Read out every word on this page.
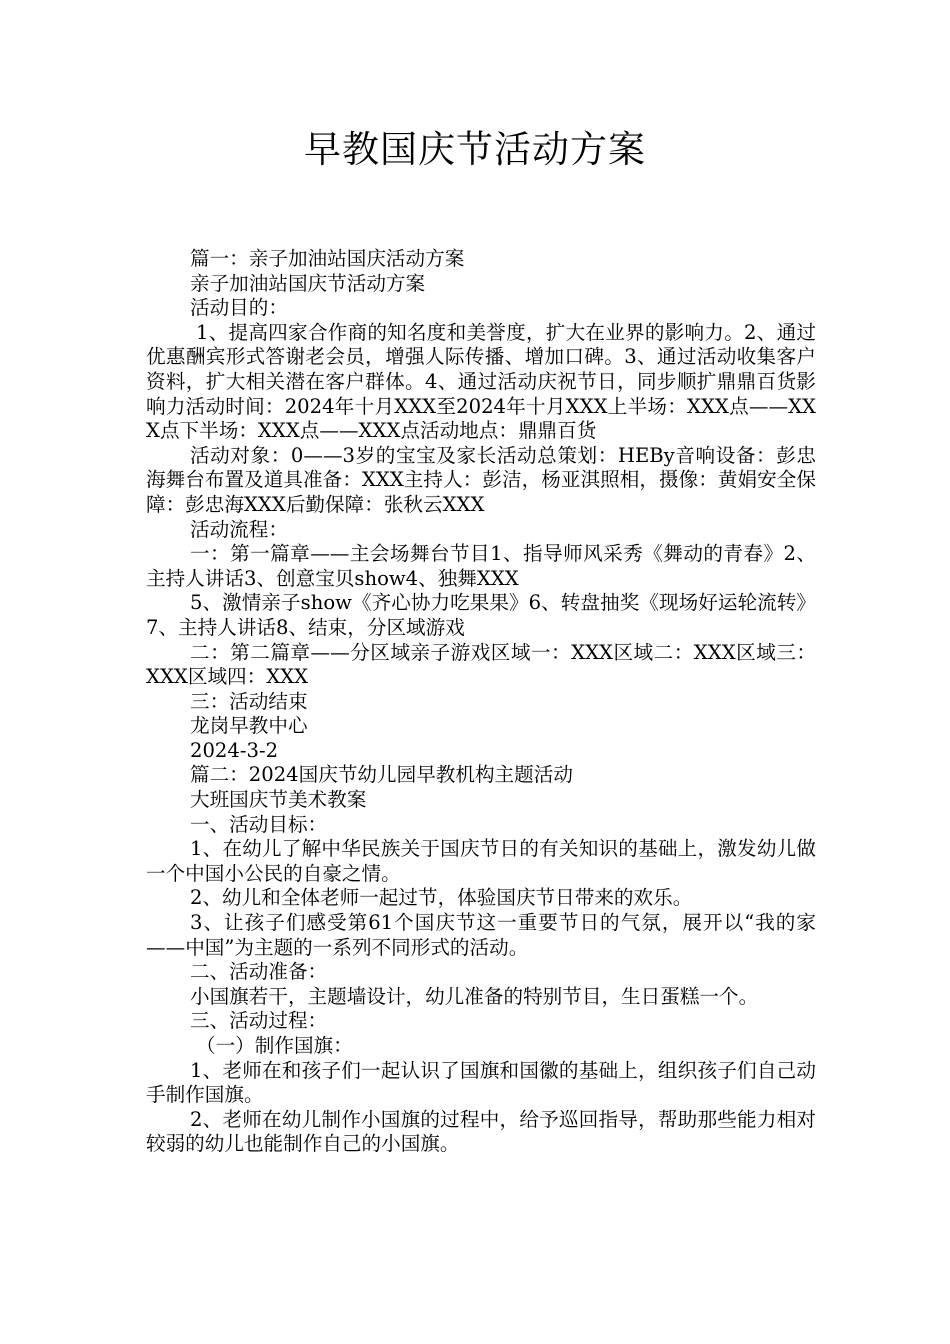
早教国庆节活动方案

篇一：亲子加油站国庆活动方案

亲子加油站国庆节活动方案

活动目的：

1、提高四家合作商的知名度和美誉度，扩大在业界的影响力。2、通过优惠酬宾形式答谢老会员，增强人际传播、增加口碑。3、通过活动收集客户资料，扩大相关潜在客户群体。4、通过活动庆祝节日，同步顺扩鼎鼎百货影响力活动时间：2024年十月XXX至2024年十月XXX上半场：XXX点——XXX点下半场：XXX点——XXX点活动地点：鼎鼎百货

活动对象：0——3岁的宝宝及家长活动总策划：HEBy音响设备：彭忠海舞台布置及道具准备：XXX主持人：彭洁，杨亚淇照相，摄像：黄娟安全保障：彭忠海XXX后勤保障：张秋云XXX

活动流程：

一：第一篇章——主会场舞台节目1、指导师风采秀《舞动的青春》2、主持人讲话3、创意宝贝show4、独舞XXX

5、激情亲子show《齐心协力吃果果》6、转盘抽奖《现场好运轮流转》7、主持人讲话8、结束，分区域游戏

二：第二篇章——分区域亲子游戏区域一：XXX区域二：XXX区域三：XXX区域四：XXX

三：活动结束

龙岗早教中心

2024-3-2

篇二：2024国庆节幼儿园早教机构主题活动

大班国庆节美术教案

一、活动目标：

1、在幼儿了解中华民族关于国庆节日的有关知识的基础上，激发幼儿做一个中国小公民的自豪之情。

2、幼儿和全体老师一起过节，体验国庆节日带来的欢乐。

3、让孩子们感受第61个国庆节这一重要节日的气氛，展开以“我的家——中国”为主题的一系列不同形式的活动。

二、活动准备：

小国旗若干，主题墙设计，幼儿准备的特别节目，生日蛋糕一个。

三、活动过程：

（一）制作国旗：

1、老师在和孩子们一起认识了国旗和国徽的基础上，组织孩子们自己动手制作国旗。

2、老师在幼儿制作小国旗的过程中，给予巡回指导，帮助那些能力相对较弱的幼儿也能制作自己的小国旗。
